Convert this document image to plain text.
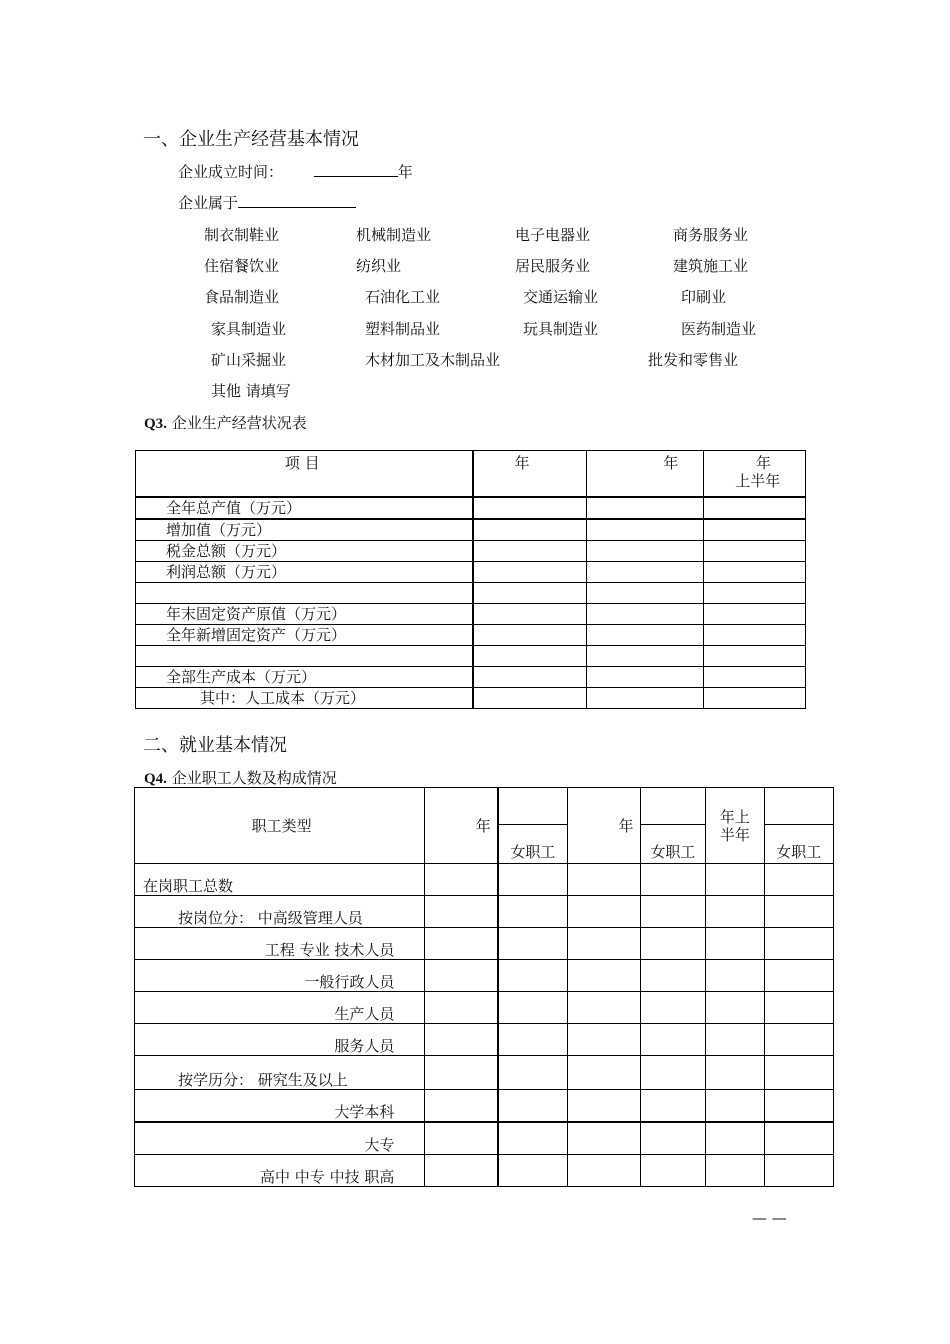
一、企业生产经营基本情况
企业成立时间：	年
企业属于
制衣制鞋业	机械制造业	电子电器业	商务服务业
住宿餐饮业	纺织业	居民服务业	建筑施工业
食品制造业	石油化工业	交通运输业	印刷业
家具制造业	塑料制品业	玩具制造业	医药制造业
矿山采掘业	木材加工及木制品业	批发和零售业
其他 请填写
Q3. 企业生产经营状况表
项 目	年	年	年
上半年

全年总产值（万元）			
增加值（万元）			
税金总额（万元）			
利润总额（万元）			

年末固定资产原值（万元）			
全年新增固定资产（万元）			

全部生产成本（万元）			
其中：人工成本（万元）			
二、就业基本情况
Q4. 企业职工人数及构成情况
职工类型	年		年		年上
半年	

		女职工		女职工		女职工
在岗职工总数						
按岗位分： 中高级管理人员						
工程 专业 技术人员						
一般行政人员						
生产人员						
服务人员						
按学历分： 研究生及以上						
大学本科						
大专						
高中 中专 中技 职高						
— —
